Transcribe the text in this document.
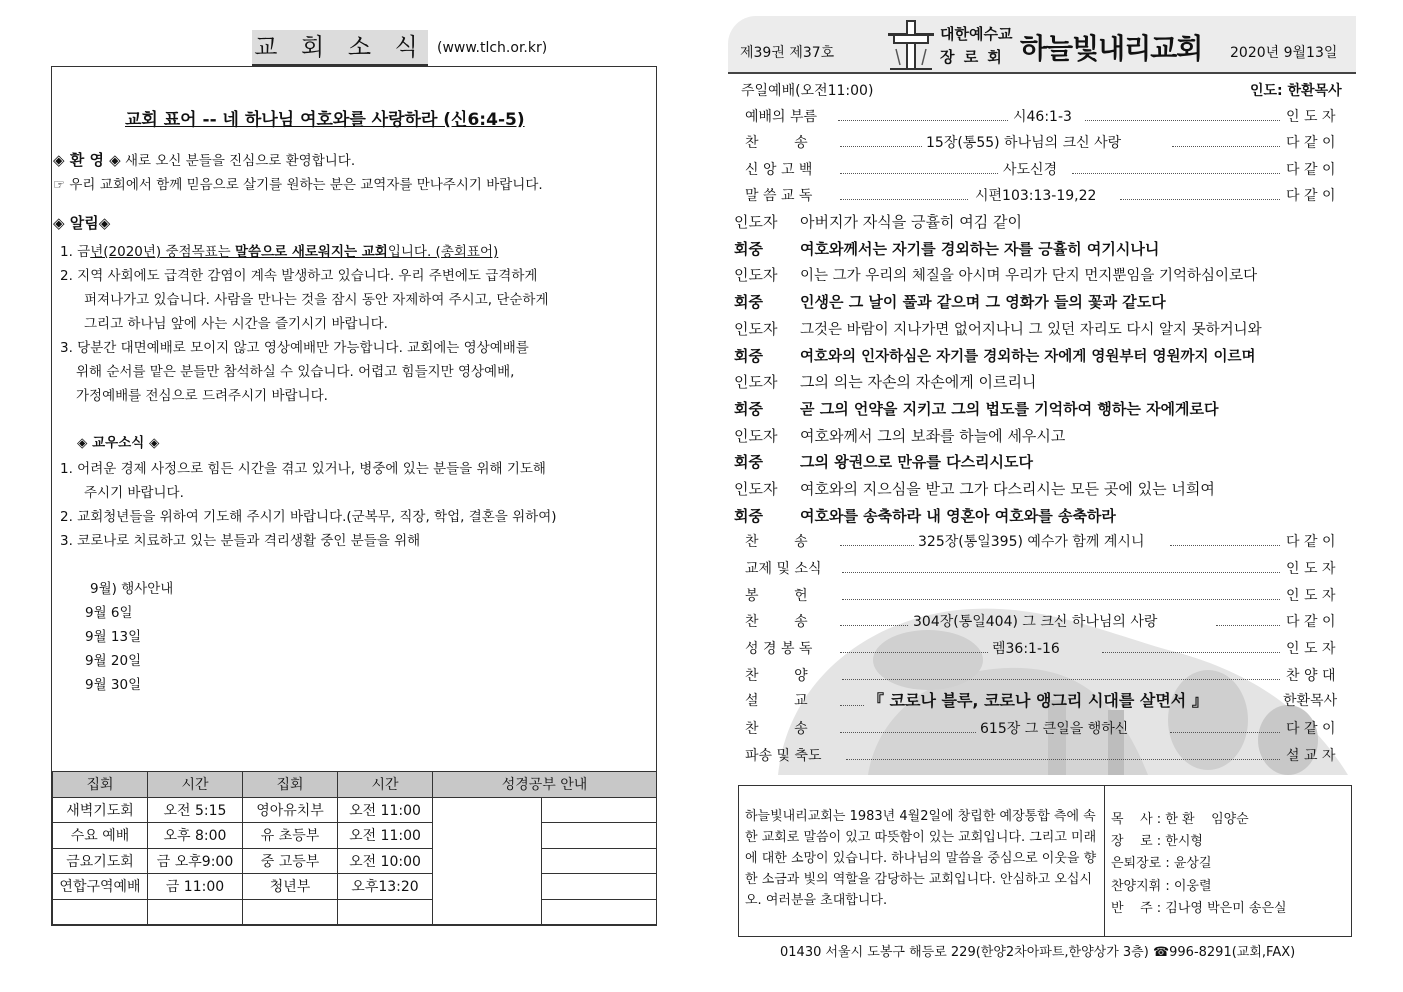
교 회 소 식 (www.tlch.or.kr)
교회 표어 -- 네 하나님 여호와를 사랑하라 (신6:4-5)
◈ 환 영 ◈ 새로 오신 분들을 진심으로 환영합니다.
☞ 우리 교회에서 함께 믿음으로 살기를 원하는 분은 교역자를 만나주시기 바랍니다.
◈ 알림◈
1. 금년(2020년) 중점목표는 말씀으로 새로워지는 교회입니다. (총회표어)
2. 지역 사회에도 급격한 감염이 계속 발생하고 있습니다. 우리 주변에도 급격하게
퍼져나가고 있습니다. 사람을 만나는 것을 잠시 동안 자제하여 주시고, 단순하게
그리고 하나님 앞에 사는 시간을 즐기시기 바랍니다.
3. 당분간 대면예배로 모이지 않고 영상예배만 가능합니다. 교회에는 영상예배를
위해 순서를 맡은 분들만 참석하실 수 있습니다. 어렵고 힘들지만 영상예배,
가정예배를 전심으로 드려주시기 바랍니다.
◈ 교우소식 ◈
1. 어려운 경제 사정으로 힘든 시간을 겪고 있거나, 병중에 있는 분들을 위해 기도해
주시기 바랍니다.
2. 교회청년들을 위하여 기도해 주시기 바랍니다.(군복무, 직장, 학업, 결혼을 위하여)
3. 코로나로 치료하고 있는 분들과 격리생활 중인 분들을 위해
9월) 행사안내
9월 6일
9월 13일
9월 20일
9월 30일
집회	시간	집회	시간	성경공부 안내	
새벽기도회	오전 5:15	영아유치부	오전 11:00		
수요 예배	오후 8:00	유 초등부	오전 11:00		
금요기도회	금 오후9:00	중 고등부	오전 10:00		
연합구역예배	금 11:00	청년부	오후13:20		

제39권 제37호
대한예수교
장 로 회 하늘빛내리교회 2020년 9월13일
주일예배(오전11:00)	인도: 한환목사
예배의 부름	시46:1-3	인 도 자
찬        송	15장(통55) 하나님의 크신 사랑	다 같 이
신 앙 고 백	사도신경	다 같 이
말 씀 교 독	시편103:13-19,22	다 같 이
인도자 아버지가 자식을 긍휼히 여김 같이
회중 여호와께서는 자기를 경외하는 자를 긍휼히 여기시나니
인도자 이는 그가 우리의 체질을 아시며 우리가 단지 먼지뿐임을 기억하심이로다
회중 인생은 그 날이 풀과 같으며 그 영화가 들의 꽃과 같도다
인도자 그것은 바람이 지나가면 없어지나니 그 있던 자리도 다시 알지 못하거니와
회중	여호와의 인자하심은 자기를 경외하는 자에게 영원부터 영원까지 이르며
인도자 그의 의는 자손의 자손에게 이르리니
회중 곧 그의 언약을 지키고 그의 법도를 기억하여 행하는 자에게로다
인도자 여호와께서 그의 보좌를 하늘에 세우시고
회중 그의 왕권으로 만유를 다스리시도다
인도자 여호와의 지으심을 받고 그가 다스리시는 모든 곳에 있는 너희여
회중 여호와를 송축하라 내 영혼아 여호와를 송축하라
찬        송	325장(통일395) 예수가 함께 계시니	다 같 이
교제 및 소식	인 도 자
봉        헌	인 도 자
찬        송	304장(통일404) 그 크신 하나님의 사랑	다 같 이
성 경 봉 독	렘36:1-16	인 도 자
찬        양	찬 양 대
설        교	『 코로나 블루, 코로나 앵그리 시대를 살면서 』	한환목사
찬        송	615장 그 큰일을 행하신	다 같 이
파송 및 축도	설 교 자
하늘빛내리교회는 1983년 4월2일에 창립한 예장통합 측에 속한 교회로 말씀이 있고 따뜻함이 있는 교회입니다. 그리고 미래에 대한 소망이 있습니다. 하나님의 말씀을 중심으로 이웃을 향한 소금과 빛의 역할을 감당하는 교회입니다. 안심하고 오십시오. 여러분을 초대합니다.
목    사 : 한 환    임양순
장    로 : 한시형
은퇴장로 : 윤상길
찬양지휘 : 이웅렬
반    주 : 김나영 박은미 송은실
01430 서울시 도봉구 해등로 229(한양2차아파트,한양상가 3층) ☎996-8291(교회,FAX)
